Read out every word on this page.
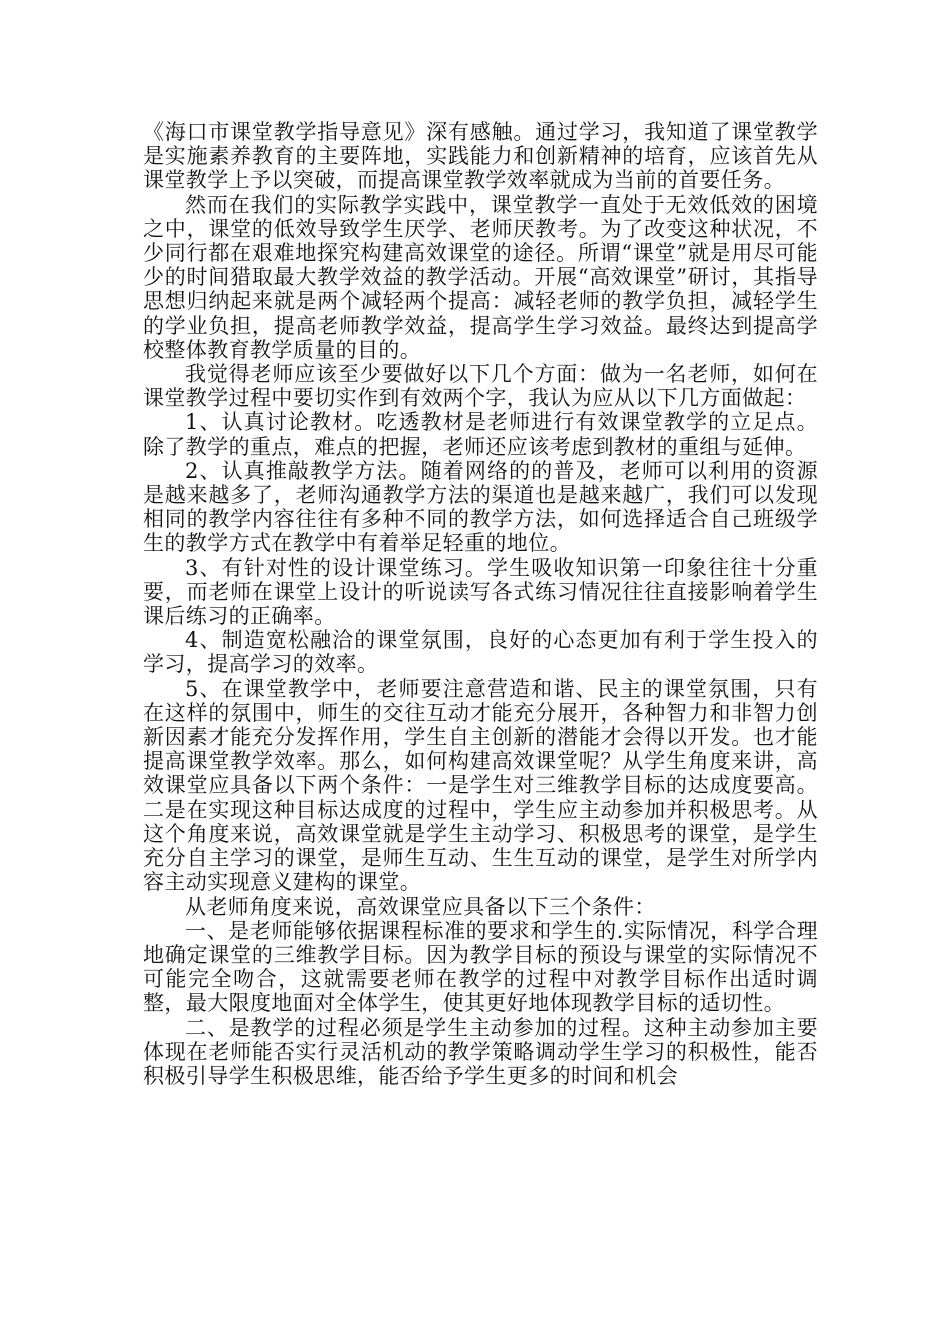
《海口市课堂教学指导意见》深有感触。通过学习，我知道了课堂教学是实施素养教育的主要阵地，实践能力和创新精神的培育，应该首先从课堂教学上予以突破，而提高课堂教学效率就成为当前的首要任务。

然而在我们的实际教学实践中，课堂教学一直处于无效低效的困境之中，课堂的低效导致学生厌学、老师厌教考。为了改变这种状况，不少同行都在艰难地探究构建高效课堂的途径。所谓“课堂”就是用尽可能少的时间猎取最大教学效益的教学活动。开展“高效课堂”研讨，其指导思想归纳起来就是两个减轻两个提高：减轻老师的教学负担，减轻学生的学业负担，提高老师教学效益，提高学生学习效益。最终达到提高学校整体教育教学质量的目的。

我觉得老师应该至少要做好以下几个方面：做为一名老师，如何在课堂教学过程中要切实作到有效两个字，我认为应从以下几方面做起：

1、认真讨论教材。吃透教材是老师进行有效课堂教学的立足点。除了教学的重点，难点的把握，老师还应该考虑到教材的重组与延伸。

2、认真推敲教学方法。随着网络的的普及，老师可以利用的资源是越来越多了，老师沟通教学方法的渠道也是越来越广，我们可以发现相同的教学内容往往有多种不同的教学方法，如何选择适合自己班级学生的教学方式在教学中有着举足轻重的地位。

3、有针对性的设计课堂练习。学生吸收知识第一印象往往十分重要，而老师在课堂上设计的听说读写各式练习情况往往直接影响着学生课后练习的正确率。

4、制造宽松融洽的课堂氛围，良好的心态更加有利于学生投入的学习，提高学习的效率。

5、在课堂教学中，老师要注意营造和谐、民主的课堂氛围，只有在这样的氛围中，师生的交往互动才能充分展开，各种智力和非智力创新因素才能充分发挥作用，学生自主创新的潜能才会得以开发。也才能提高课堂教学效率。那么，如何构建高效课堂呢？从学生角度来讲，高效课堂应具备以下两个条件：一是学生对三维教学目标的达成度要高。二是在实现这种目标达成度的过程中，学生应主动参加并积极思考。从这个角度来说，高效课堂就是学生主动学习、积极思考的课堂，是学生充分自主学习的课堂，是师生互动、生生互动的课堂，是学生对所学内容主动实现意义建构的课堂。

从老师角度来说，高效课堂应具备以下三个条件：

一、是老师能够依据课程标准的要求和学生的.实际情况，科学合理地确定课堂的三维教学目标。因为教学目标的预设与课堂的实际情况不可能完全吻合，这就需要老师在教学的过程中对教学目标作出适时调整，最大限度地面对全体学生，使其更好地体现教学目标的适切性。

二、是教学的过程必须是学生主动参加的过程。这种主动参加主要体现在老师能否实行灵活机动的教学策略调动学生学习的积极性，能否积极引导学生积极思维，能否给予学生更多的时间和机会
